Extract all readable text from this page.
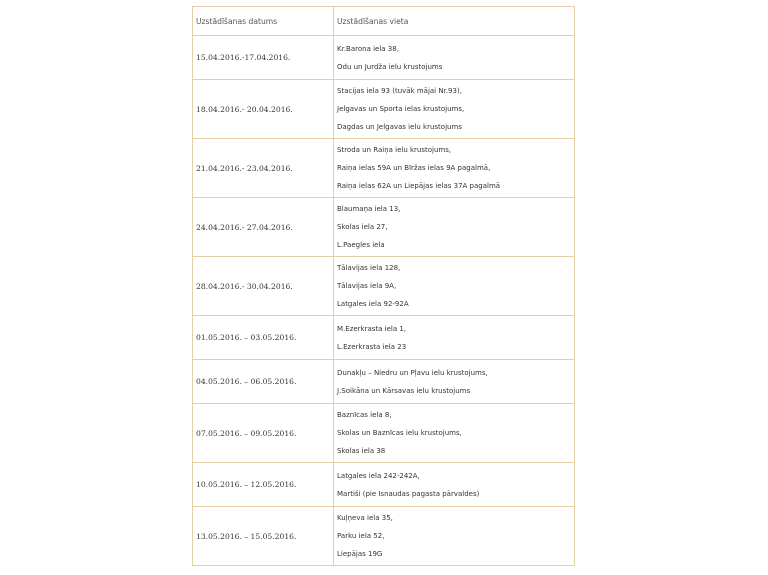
Uzstādīšanas datums	Uzstādīšanas vieta
15.04.2016.-17.04.2016.	Kr.Barona iela 38,
Odu un Jurdža ielu krustojums

18.04.2016.- 20.04.2016.	Stacijas iela 93 (tuvāk mājai Nr.93),
Jelgavas un Sporta ielas krustojums,
Dagdas un Jelgavas ielu krustojums

21.04.2016.- 23.04.2016.	Stroda un Raiņa ielu krustojums,
Raiņa ielas 59A un Bīržas ielas 9A pagalmā,
Raiņa ielas 62A un Liepājas ielas 37A pagalmā

24.04.2016.- 27.04.2016.	Blaumaņa iela 13,
Skolas iela 27,
L.Paegles iela

28.04.2016.- 30.04.2016.	Tālavijas iela 128,
Tālavijas iela 9A,
Latgales iela 92-92A

01.05.2016. – 03.05.2016.	M.Ezerkrasta iela 1,
L.Ezerkrasta iela 23

04.05.2016. – 06.05.2016.	Dunakļu – Niedru un Pļavu ielu krustojums,
J.Soikāna un Kārsavas ielu krustojums

07.05.2016. – 09.05.2016.	Baznīcas iela 8,
Skolas un Baznīcas ielu krustojums,
Skolas iela 38

10.05.2016. – 12.05.2016.	Latgales iela 242-242A,
Martiši (pie Isnaudas pagasta pārvaldes)

13.05.2016. – 15.05.2016.	Kuļņeva iela 35,
Parku iela 52,
Liepājas 19G
